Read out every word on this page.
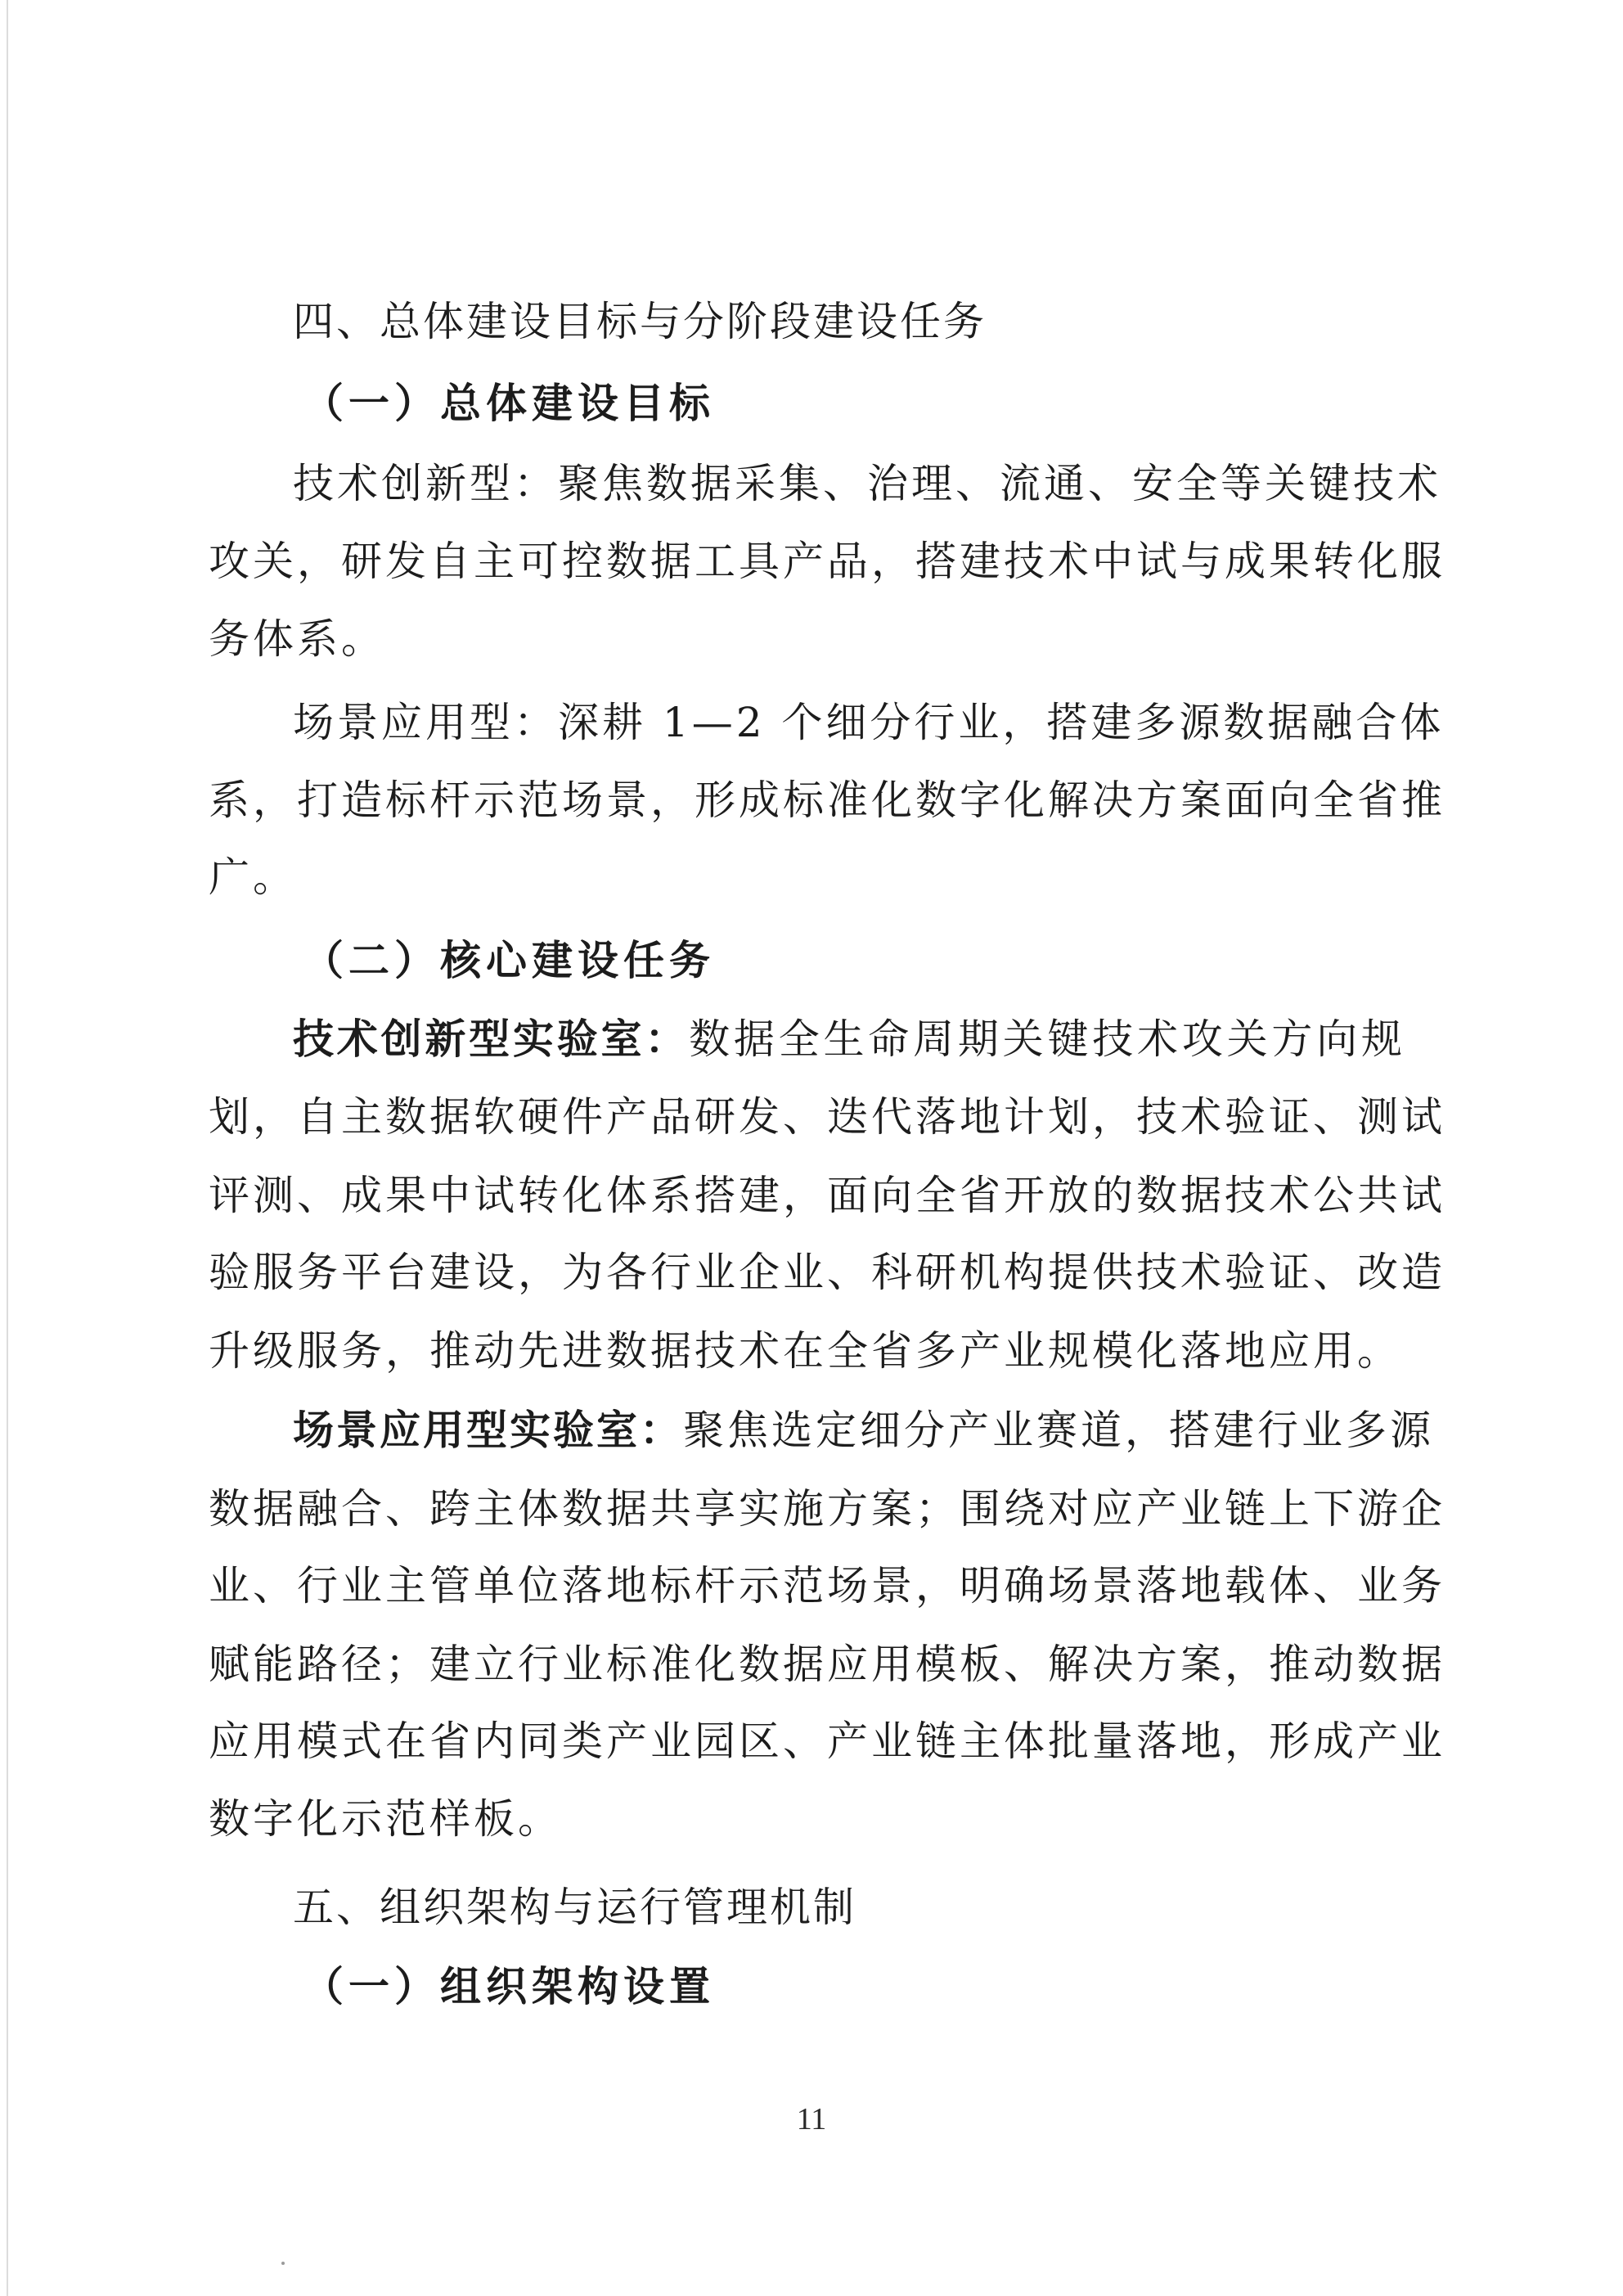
四、总体建设目标与分阶段建设任务
（一）总体建设目标
技术创新型：聚焦数据采集、治理、流通、安全等关键技术
攻关，研发自主可控数据工具产品，搭建技术中试与成果转化服
务体系。
场景应用型：深耕 1—2 个细分行业，搭建多源数据融合体
系，打造标杆示范场景，形成标准化数字化解决方案面向全省推
广。
（二）核心建设任务
技术创新型实验室：数据全生命周期关键技术攻关方向规
划，自主数据软硬件产品研发、迭代落地计划，技术验证、测试
评测、成果中试转化体系搭建，面向全省开放的数据技术公共试
验服务平台建设，为各行业企业、科研机构提供技术验证、改造
升级服务，推动先进数据技术在全省多产业规模化落地应用。
场景应用型实验室：聚焦选定细分产业赛道，搭建行业多源
数据融合、跨主体数据共享实施方案；围绕对应产业链上下游企
业、行业主管单位落地标杆示范场景，明确场景落地载体、业务
赋能路径；建立行业标准化数据应用模板、解决方案，推动数据
应用模式在省内同类产业园区、产业链主体批量落地，形成产业
数字化示范样板。
五、组织架构与运行管理机制
（一）组织架构设置
11
